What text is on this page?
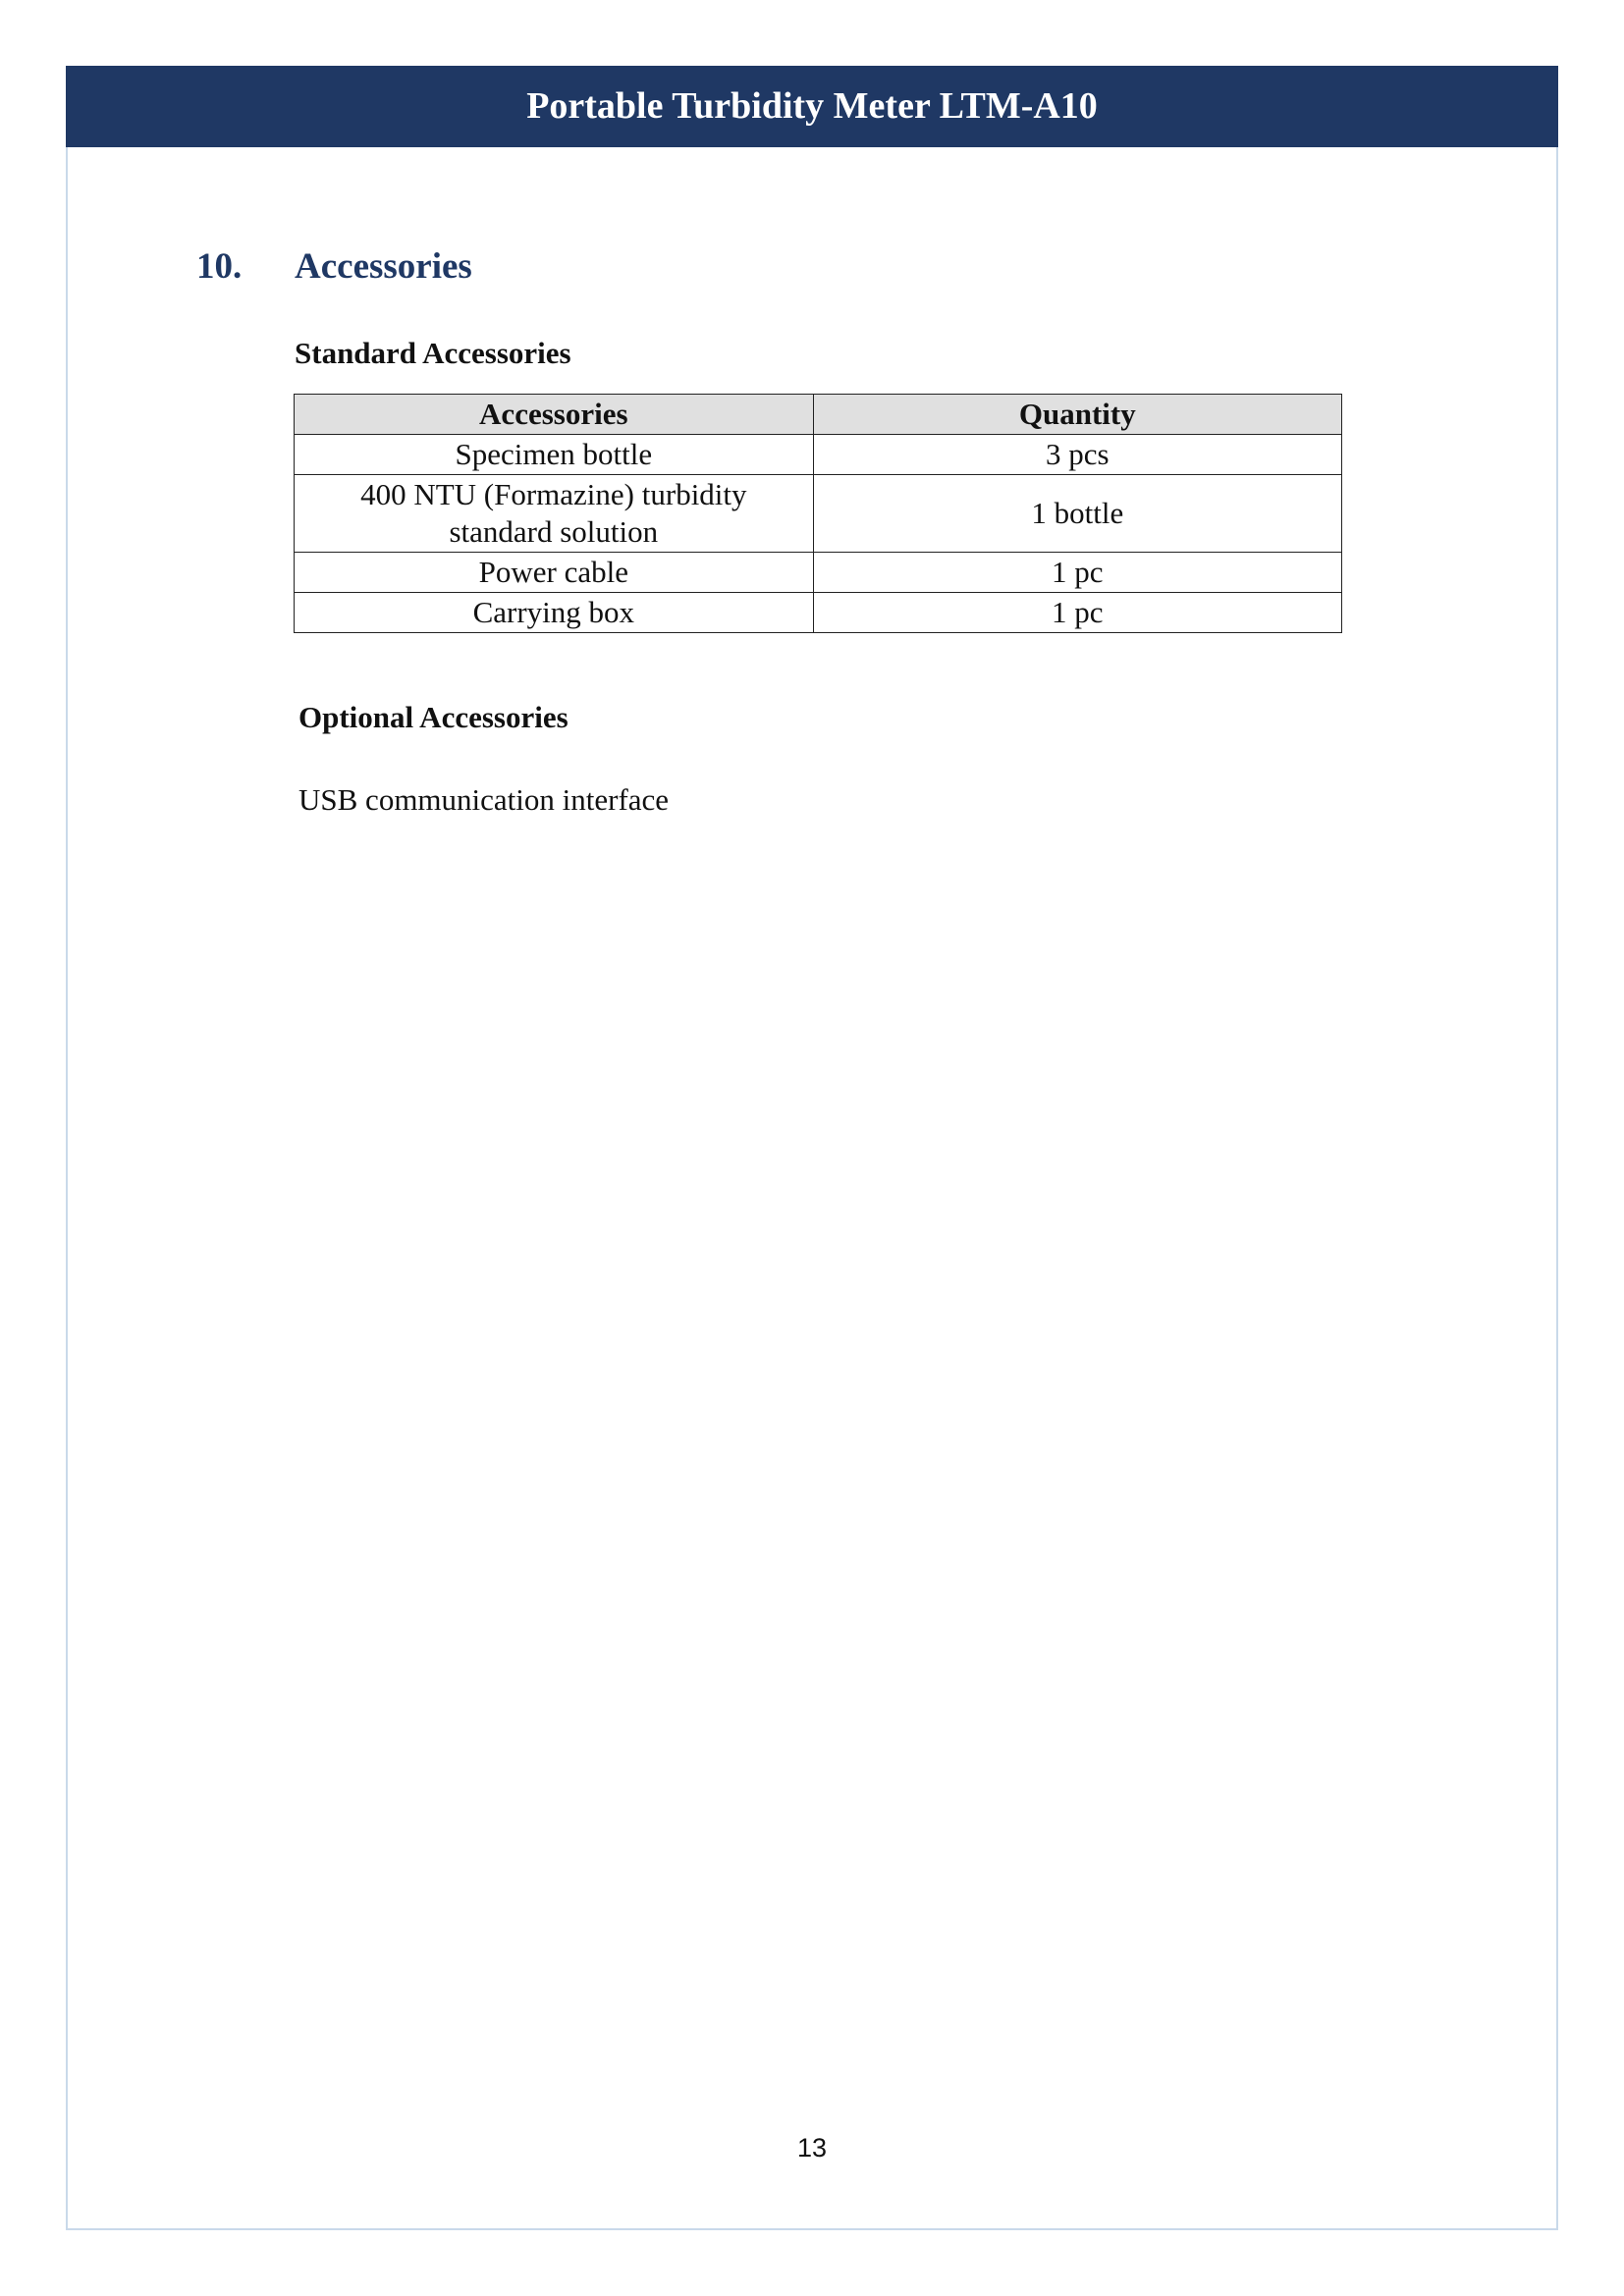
Portable Turbidity Meter LTM-A10
10. Accessories
Standard Accessories
Accessories	Quantity
Specimen bottle	3 pcs
400 NTU (Formazine) turbidity standard solution	1 bottle
Power cable	1 pc
Carrying box	1 pc
Optional Accessories
USB communication interface
13
